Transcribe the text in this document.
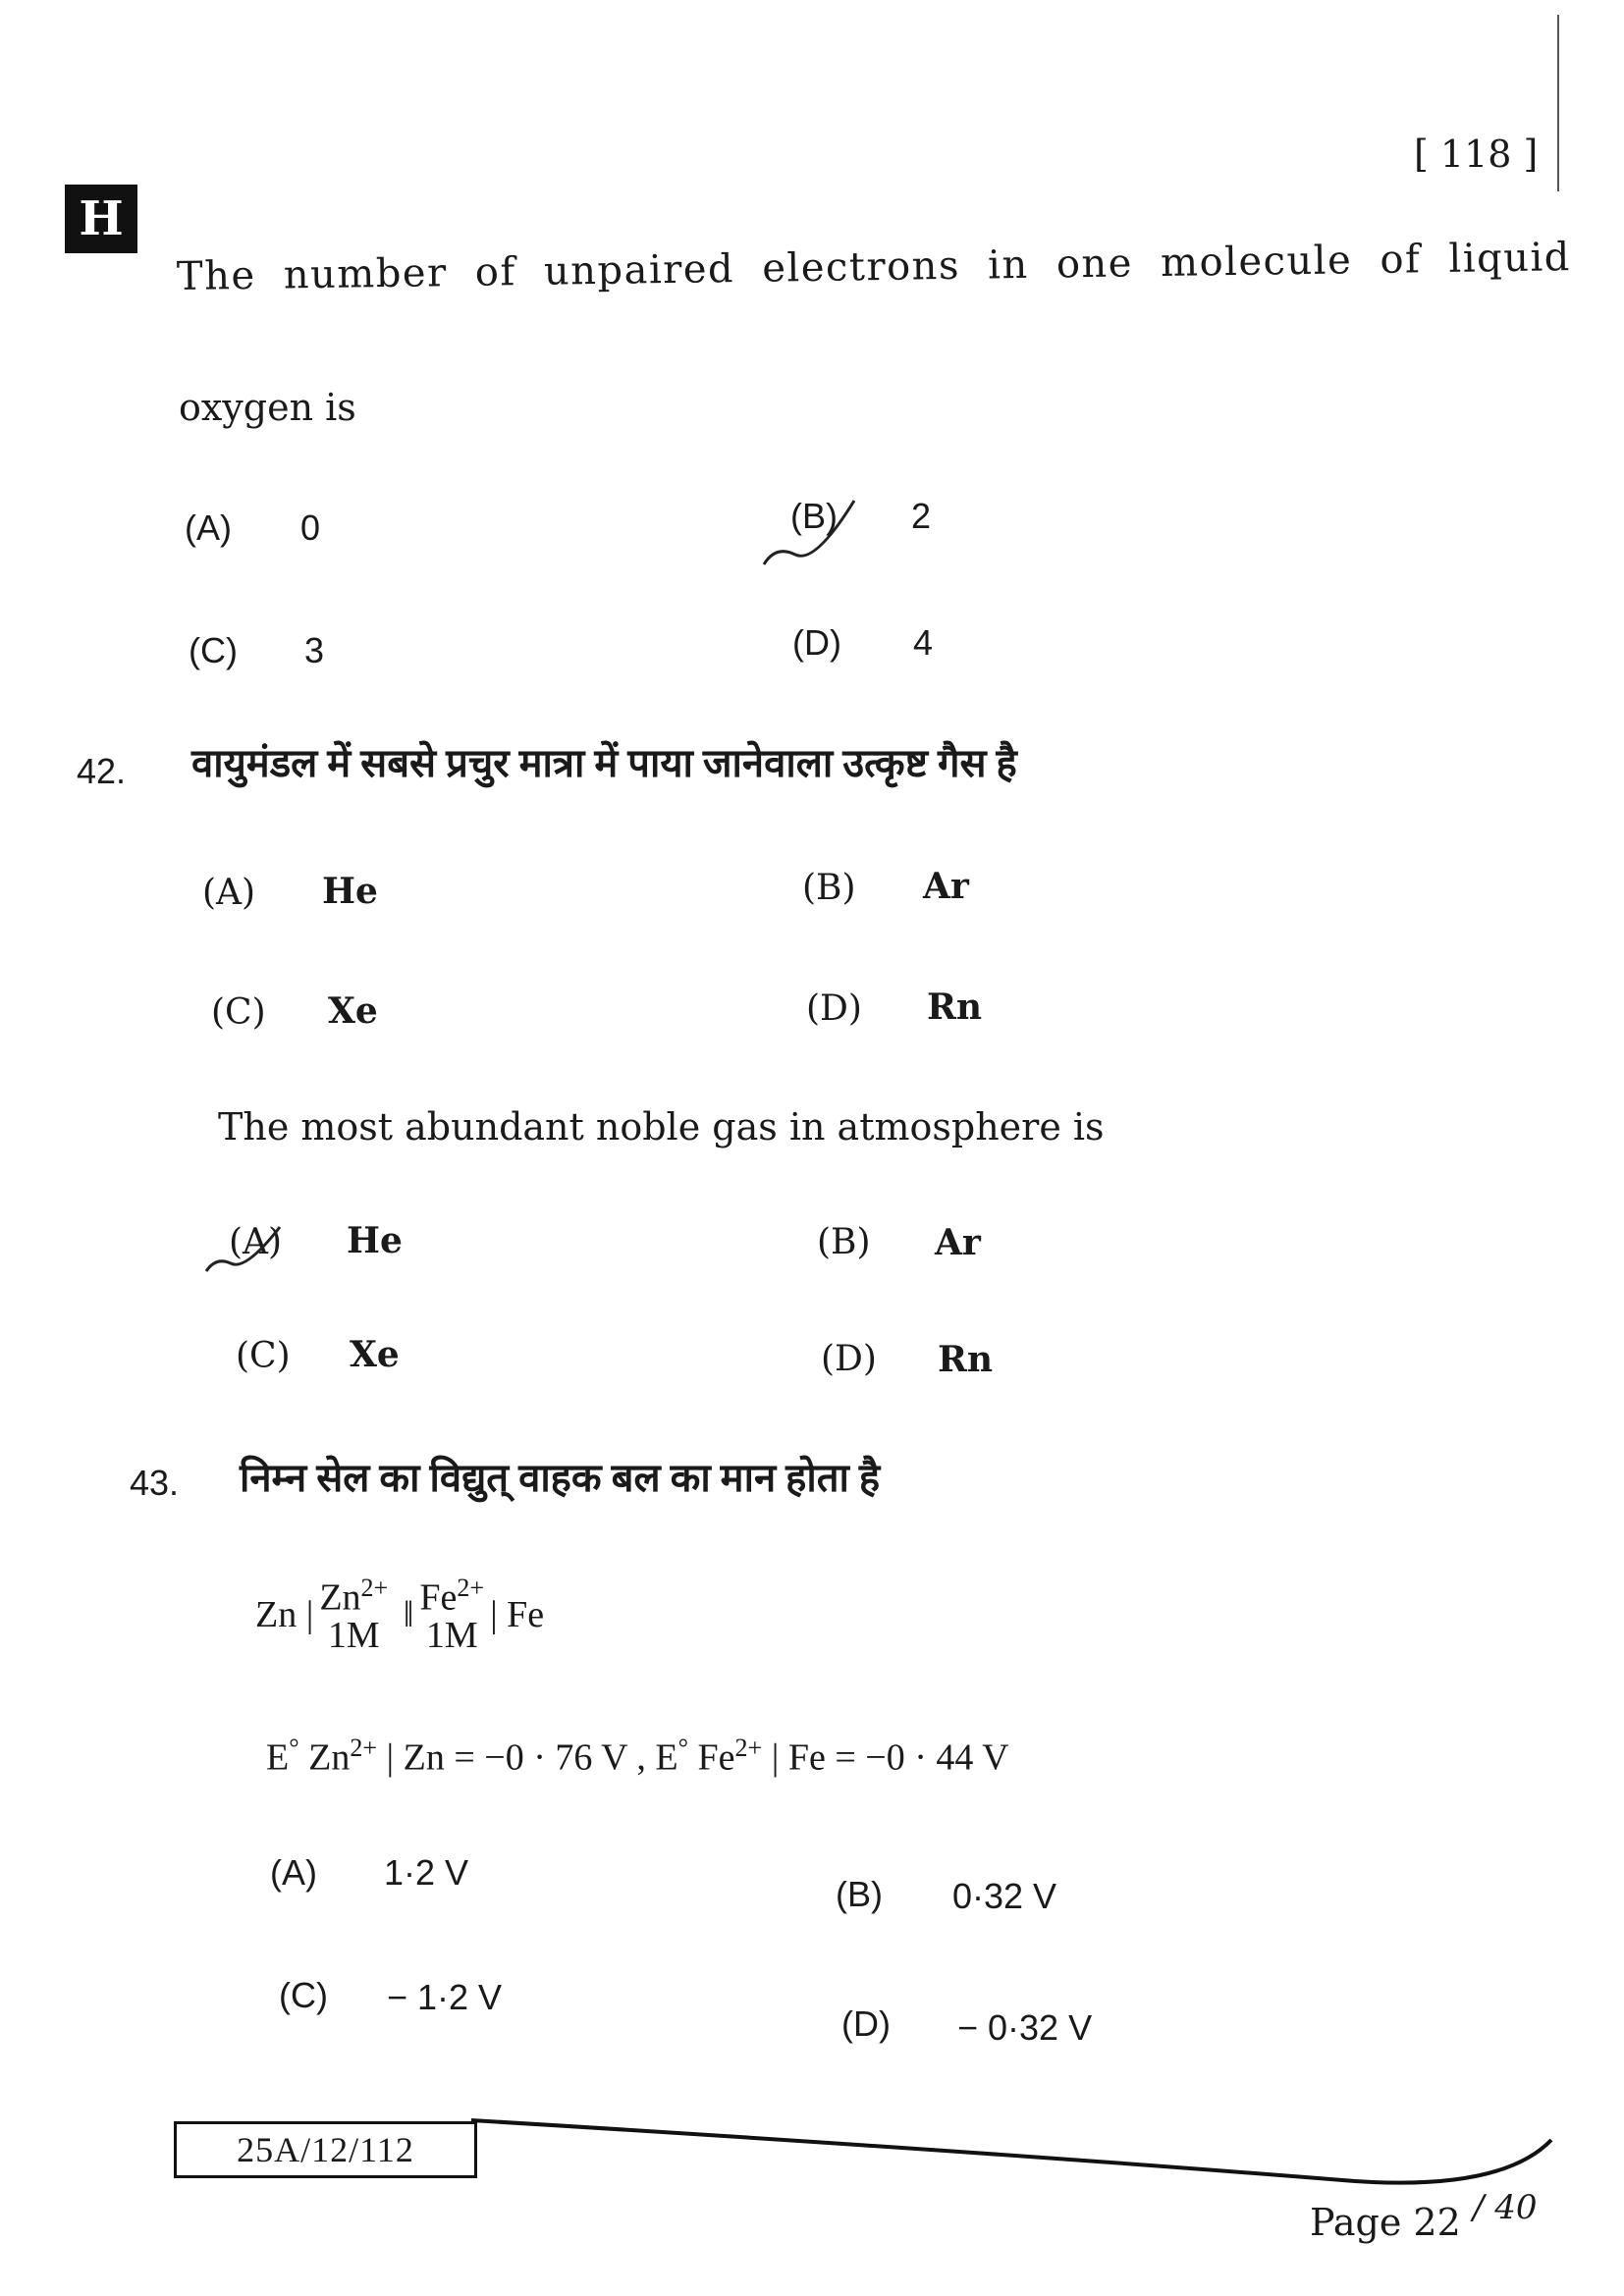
[ 118 ]
H
The number of unpaired electrons in one molecule of liquid
oxygen is
(A) 0	(B) 2
(C) 3	(D) 4
42. वायुमंडल में सबसे प्रचुर मात्रा में पाया जानेवाला उत्कृष्ट गैस है
(A) He	(B) Ar
(C) Xe	(D) Rn
The most abundant noble gas in atmosphere is
(A) He	(B) Ar
(C) Xe	(D) Rn
43. निम्न सेल का विद्युत् वाहक बल का मान होता है
Zn | $Zn^{2+}$
1M ‖ $Fe^{2+}$
1M | Fe
E° $Zn^{2+}$ | Zn = −0 · 76 V , E° $Fe^{2+}$ | Fe = −0 · 44 V
(A) 1·2 V
(B) 0·32 V
(C) − 1·2 V
(D) − 0·32 V
25A/12/112
Page 22 / 40
